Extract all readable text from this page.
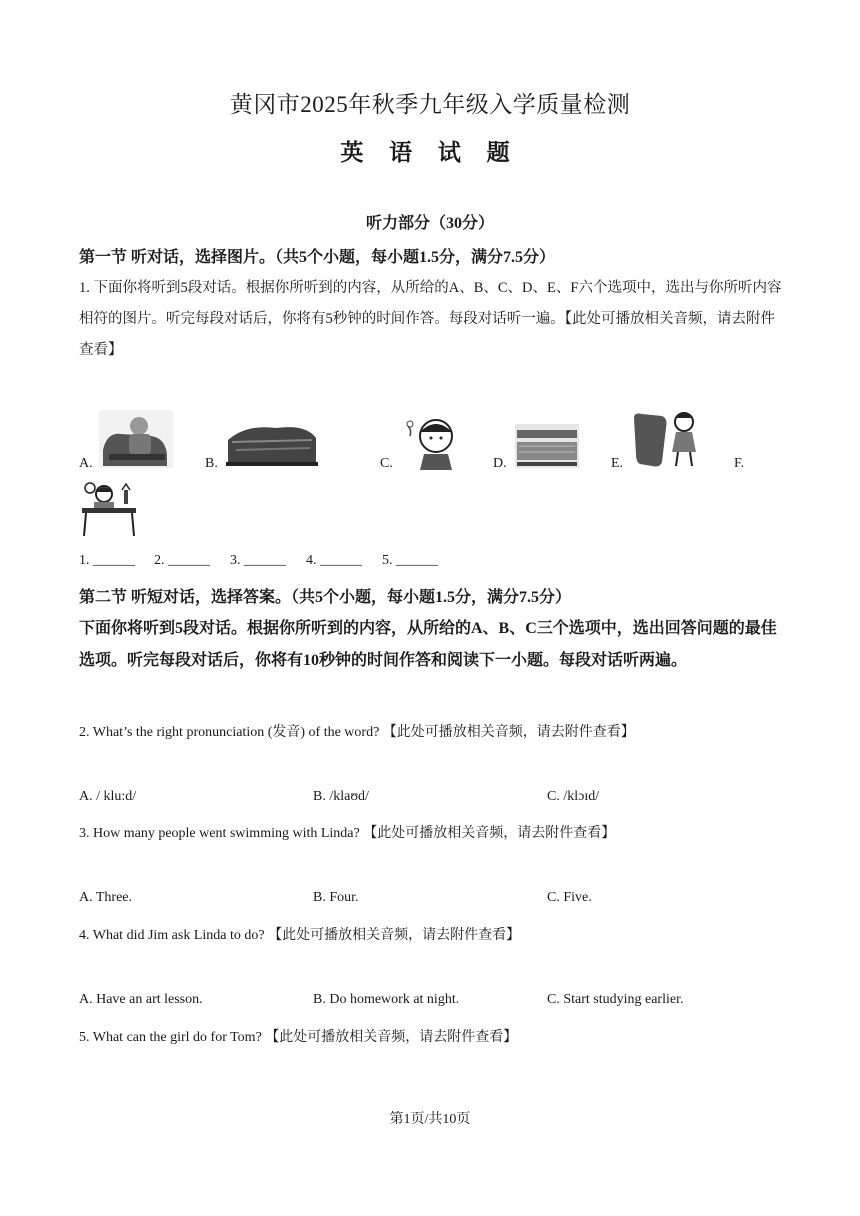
黄冈市2025年秋季九年级入学质量检测
英 语 试 题
听力部分（30分）
第一节 听对话，选择图片。（共5个小题，每小题1.5分，满分7.5分）
1. 下面你将听到5段对话。根据你所听到的内容，从所给的A、B、C、D、E、F六个选项中，选出与你所听内容相符的图片。听完每段对话后，你将有5秒钟的时间作答。每段对话听一遍。【此处可播放相关音频，请去附件查看】
A.	B.	C.	D.	E.	F.
1. ______ 2. ______ 3. ______ 4. ______ 5. ______
第二节 听短对话，选择答案。（共5个小题，每小题1.5分，满分7.5分）
下面你将听到5段对话。根据你所听到的内容，从所给的A、B、C三个选项中，选出回答问题的最佳选项。听完每段对话后，你将有10秒钟的时间作答和阅读下一小题。每段对话听两遍。
2. What’s the right pronunciation (发音) of the word? 【此处可播放相关音频，请去附件查看】
A. / klu:d/	B. /klaʊd/	C. /klɔɪd/
3. How many people went swimming with Linda? 【此处可播放相关音频，请去附件查看】
A. Three.	B. Four.	C. Five.
4. What did Jim ask Linda to do? 【此处可播放相关音频，请去附件查看】
A. Have an art lesson.	B. Do homework at night.	C. Start studying earlier.
5. What can the girl do for Tom? 【此处可播放相关音频，请去附件查看】
第1页/共10页
